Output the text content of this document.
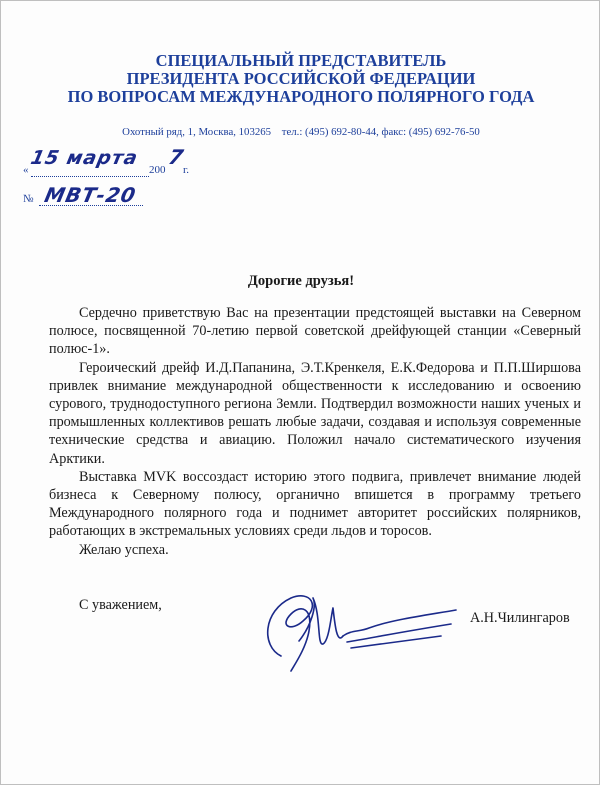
СПЕЦИАЛЬНЫЙ ПРЕДСТАВИТЕЛЬ
ПРЕЗИДЕНТА РОССИЙСКОЙ ФЕДЕРАЦИИ
ПО ВОПРОСАМ МЕЖДУНАРОДНОГО ПОЛЯРНОГО ГОДА
Охотный ряд, 1, Москва, 103265 тел.: (495) 692-80-44, факс: (495) 692-76-50
«
15 марта
200
7
г.
№ МВТ-20
Дорогие друзья!

Сердечно приветствую Вас на презентации предстоящей выставки на Северном полюсе, посвященной 70-летию первой советской дрейфующей станции «Северный полюс-1».

Героический дрейф И.Д.Папанина, Э.Т.Кренкеля, Е.К.Федорова и П.П.Ширшова привлек внимание международной общественности к исследованию и освоению сурового, труднодоступного региона Земли. Подтвердил возможности наших ученых и промышленных коллективов решать любые задачи, создавая и используя современные технические средства и авиацию. Положил начало систематического изучения Арктики.

Выставка MVK воссоздаст историю этого подвига, привлечет внимание людей бизнеса к Северному полюсу, органично впишется в программу третьего Международного полярного года и поднимет авторитет российских полярников, работающих в экстремальных условиях среди льдов и торосов.

Желаю успеха.

С уважением,
А.Н.Чилингаров
